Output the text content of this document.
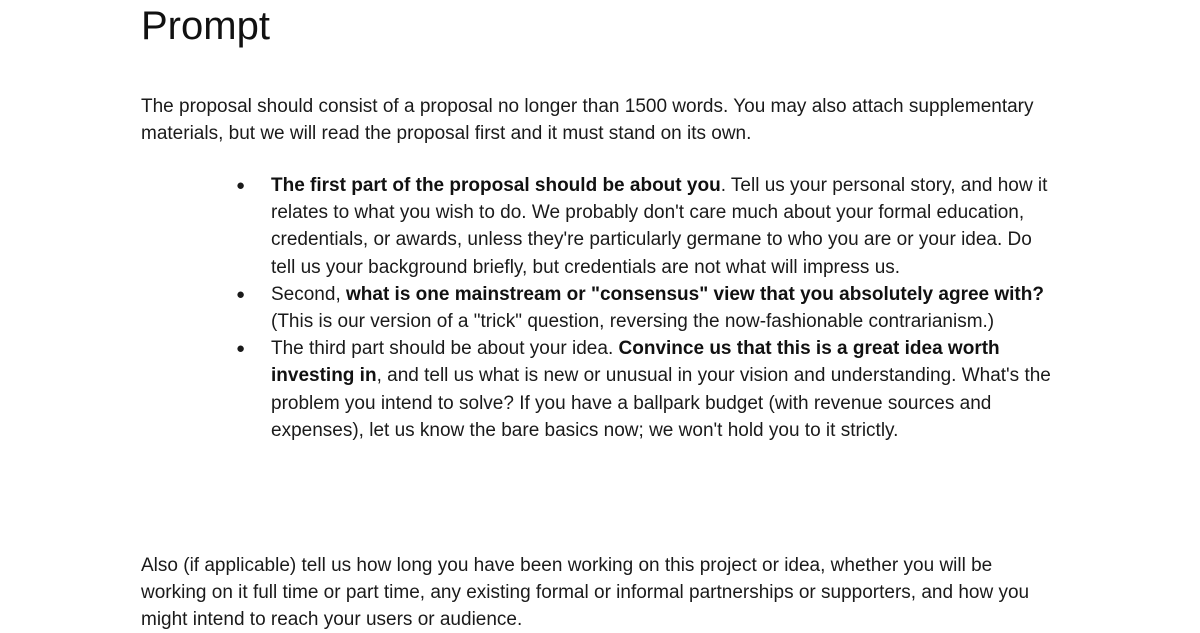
Prompt

The proposal should consist of a proposal no longer than 1500 words. You may also attach supplementary materials, but we will read the proposal first and it must stand on its own.

● The first part of the proposal should be about you. Tell us your personal story, and how it relates to what you wish to do. We probably don't care much about your formal education, credentials, or awards, unless they're particularly germane to who you are or your idea. Do tell us your background briefly, but credentials are not what will impress us.
● Second, what is one mainstream or "consensus" view that you absolutely agree with? (This is our version of a "trick" question, reversing the now-fashionable contrarianism.)
● The third part should be about your idea. Convince us that this is a great idea worth investing in, and tell us what is new or unusual in your vision and understanding. What's the problem you intend to solve? If you have a ballpark budget (with revenue sources and expenses), let us know the bare basics now; we won't hold you to it strictly.

Also (if applicable) tell us how long you have been working on this project or idea, whether you will be working on it full time or part time, any existing formal or informal partnerships or supporters, and how you might intend to reach your users or audience.
